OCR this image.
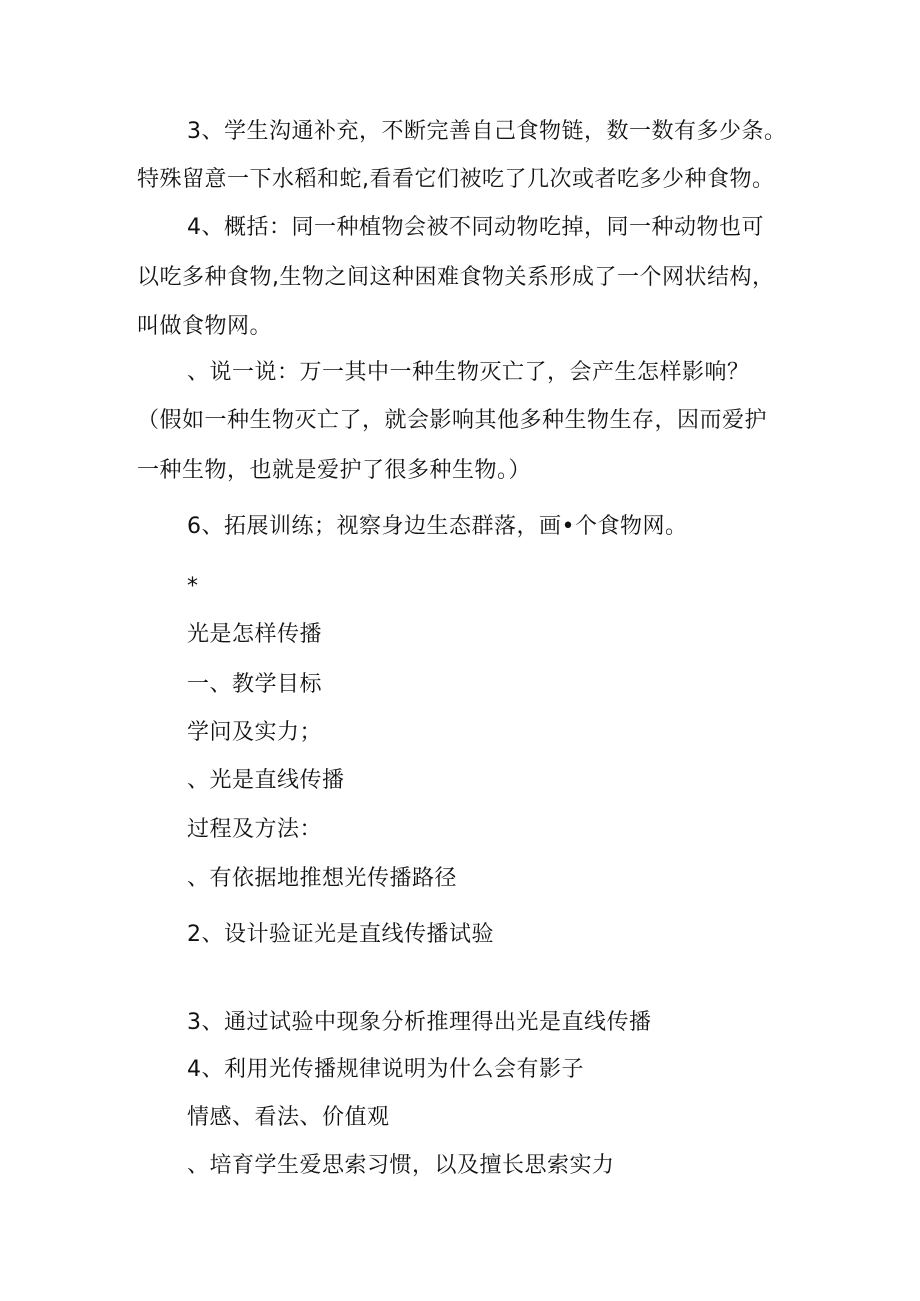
3、学生沟通补充，不断完善自己食物链，数一数有多少条。
特殊留意一下水稻和蛇,看看它们被吃了几次或者吃多少种食物。
4、概括：同一种植物会被不同动物吃掉，同一种动物也可
以吃多种食物,生物之间这种困难食物关系形成了一个网状结构，
叫做食物网。
、说一说：万一其中一种生物灭亡了，会产生怎样影响？
（假如一种生物灭亡了，就会影响其他多种生物生存，因而爱护
一种生物，也就是爱护了很多种生物。）
6、拓展训练；视察身边生态群落，画•个食物网。
*
光是怎样传播
一、教学目标
学问及实力；
、光是直线传播
过程及方法：
、有依据地推想光传播路径
2、设计验证光是直线传播试验
3、通过试验中现象分析推理得出光是直线传播
4、利用光传播规律说明为什么会有影子
情感、看法、价值观
、培育学生爱思索习惯，以及擅长思索实力
